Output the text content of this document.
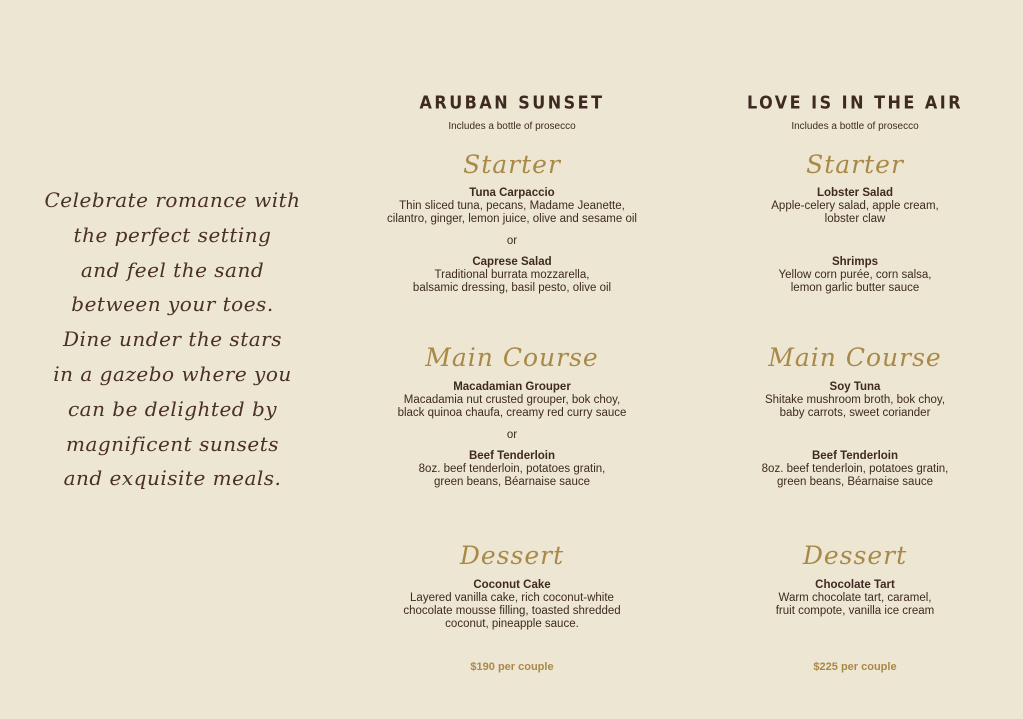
Celebrate romance with
the perfect setting
and feel the sand
between your toes.
Dine under the stars
in a gazebo where you
can be delighted by
magnificent sunsets
and exquisite meals.
ARUBAN SUNSET
Includes a bottle of prosecco
Starter
Tuna Carpaccio
Thin sliced tuna, pecans, Madame Jeanette,
cilantro, ginger, lemon juice, olive and sesame oil
or
Caprese Salad
Traditional burrata mozzarella,
balsamic dressing, basil pesto, olive oil
Main Course
Macadamian Grouper
Macadamia nut crusted grouper, bok choy,
black quinoa chaufa, creamy red curry sauce
or
Beef Tenderloin
8oz. beef tenderloin, potatoes gratin,
green beans, Béarnaise sauce
Dessert
Coconut Cake
Layered vanilla cake, rich coconut-white
chocolate mousse filling, toasted shredded
coconut, pineapple sauce.
$190 per couple
LOVE IS IN THE AIR
Includes a bottle of prosecco
Starter
Lobster Salad
Apple-celery salad, apple cream,
lobster claw
Shrimps
Yellow corn purée, corn salsa,
lemon garlic butter sauce
Main Course
Soy Tuna
Shitake mushroom broth, bok choy,
baby carrots, sweet coriander
Beef Tenderloin
8oz. beef tenderloin, potatoes gratin,
green beans, Béarnaise sauce
Dessert
Chocolate Tart
Warm chocolate tart, caramel,
fruit compote, vanilla ice cream
$225 per couple
